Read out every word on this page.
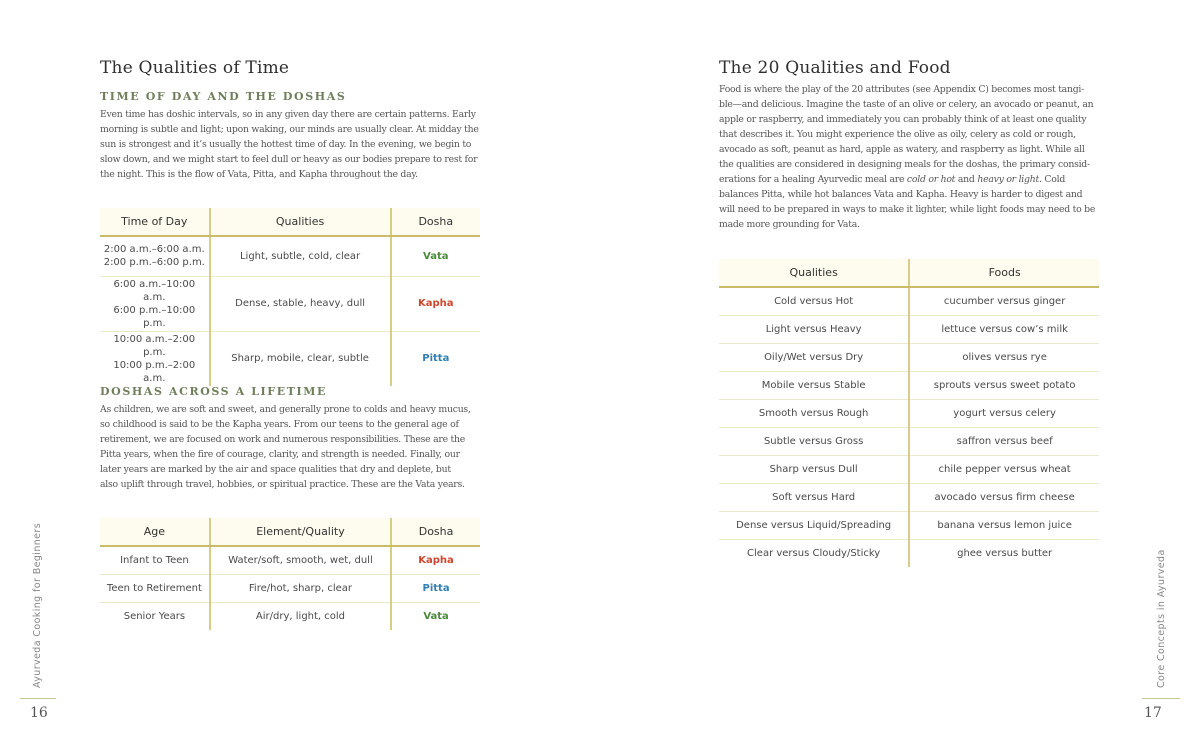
The Qualities of Time
TIME OF DAY AND THE DOSHAS

Even time has doshic intervals, so in any given day there are certain patterns. Early
morning is subtle and light; upon waking, our minds are usually clear. At midday the
sun is strongest and it’s usually the hottest time of day. In the evening, we begin to
slow down, and we might start to feel dull or heavy as our bodies prepare to rest for
the night. This is the flow of Vata, Pitta, and Kapha throughout the day.

Time of Day	Qualities	Dosha
2:00 a.m.–6:00 a.m.
2:00 p.m.–6:00 p.m.	Light, subtle, cold, clear	Vata
6:00 a.m.–10:00 a.m.
6:00 p.m.–10:00 p.m.	Dense, stable, heavy, dull	Kapha
10:00 a.m.–2:00 p.m.
10:00 p.m.–2:00 a.m.	Sharp, mobile, clear, subtle	Pitta
DOSHAS ACROSS A LIFETIME

As children, we are soft and sweet, and generally prone to colds and heavy mucus,
so childhood is said to be the Kapha years. From our teens to the general age of
retirement, we are focused on work and numerous responsibilities. These are the
Pitta years, when the fire of courage, clarity, and strength is needed. Finally, our
later years are marked by the air and space qualities that dry and deplete, but
also uplift through travel, hobbies, or spiritual practice. These are the Vata years.

Age	Element/Quality	Dosha
Infant to Teen	Water/soft, smooth, wet, dull	Kapha
Teen to Retirement	Fire/hot, sharp, clear	Pitta
Senior Years	Air/dry, light, cold	Vata
Ayurveda Cooking for Beginners
16
The 20 Qualities and Food

Food is where the play of the 20 attributes (see Appendix C) becomes most tangi-
ble—and delicious. Imagine the taste of an olive or celery, an avocado or peanut, an
apple or raspberry, and immediately you can probably think of at least one quality
that describes it. You might experience the olive as oily, celery as cold or rough,
avocado as soft, peanut as hard, apple as watery, and raspberry as light. While all
the qualities are considered in designing meals for the doshas, the primary consid-
erations for a healing Ayurvedic meal are cold or hot and heavy or light. Cold
balances Pitta, while hot balances Vata and Kapha. Heavy is harder to digest and
will need to be prepared in ways to make it lighter, while light foods may need to be
made more grounding for Vata.

Qualities	Foods
Cold versus Hot	cucumber versus ginger
Light versus Heavy	lettuce versus cow’s milk
Oily/Wet versus Dry	olives versus rye
Mobile versus Stable	sprouts versus sweet potato
Smooth versus Rough	yogurt versus celery
Subtle versus Gross	saffron versus beef
Sharp versus Dull	chile pepper versus wheat
Soft versus Hard	avocado versus firm cheese
Dense versus Liquid/Spreading	banana versus lemon juice
Clear versus Cloudy/Sticky	ghee versus butter	Core Concepts in Ayurveda
17
